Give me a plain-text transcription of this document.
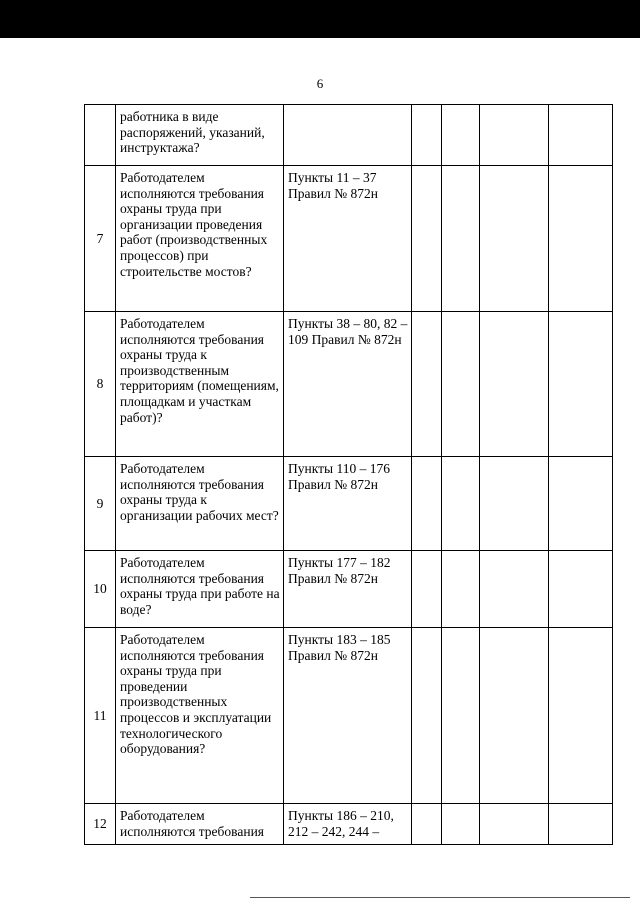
6
	работника в виде распоряжений, указаний, инструктажа?					
7	Работодателем исполняются требования охраны труда при организации проведения работ (производственных процессов) при строительстве мостов?	Пункты 11 – 37 Правил № 872н				
8	Работодателем исполняются требования охраны труда к производственным территориям (помещениям, площадкам и участкам работ)?	Пункты 38 – 80, 82 – 109 Правил № 872н				
9	Работодателем исполняются требования охраны труда к организации рабочих мест?	Пункты 110 – 176 Правил № 872н				
10	Работодателем исполняются требования охраны труда при работе на воде?	Пункты 177 – 182 Правил № 872н				
11	Работодателем исполняются требования охраны труда при проведении производственных процессов и эксплуатации технологического оборудования?	Пункты 183 – 185 Правил № 872н				
12	Работодателем исполняются требования	Пункты 186 – 210, 212 – 242, 244 –				
